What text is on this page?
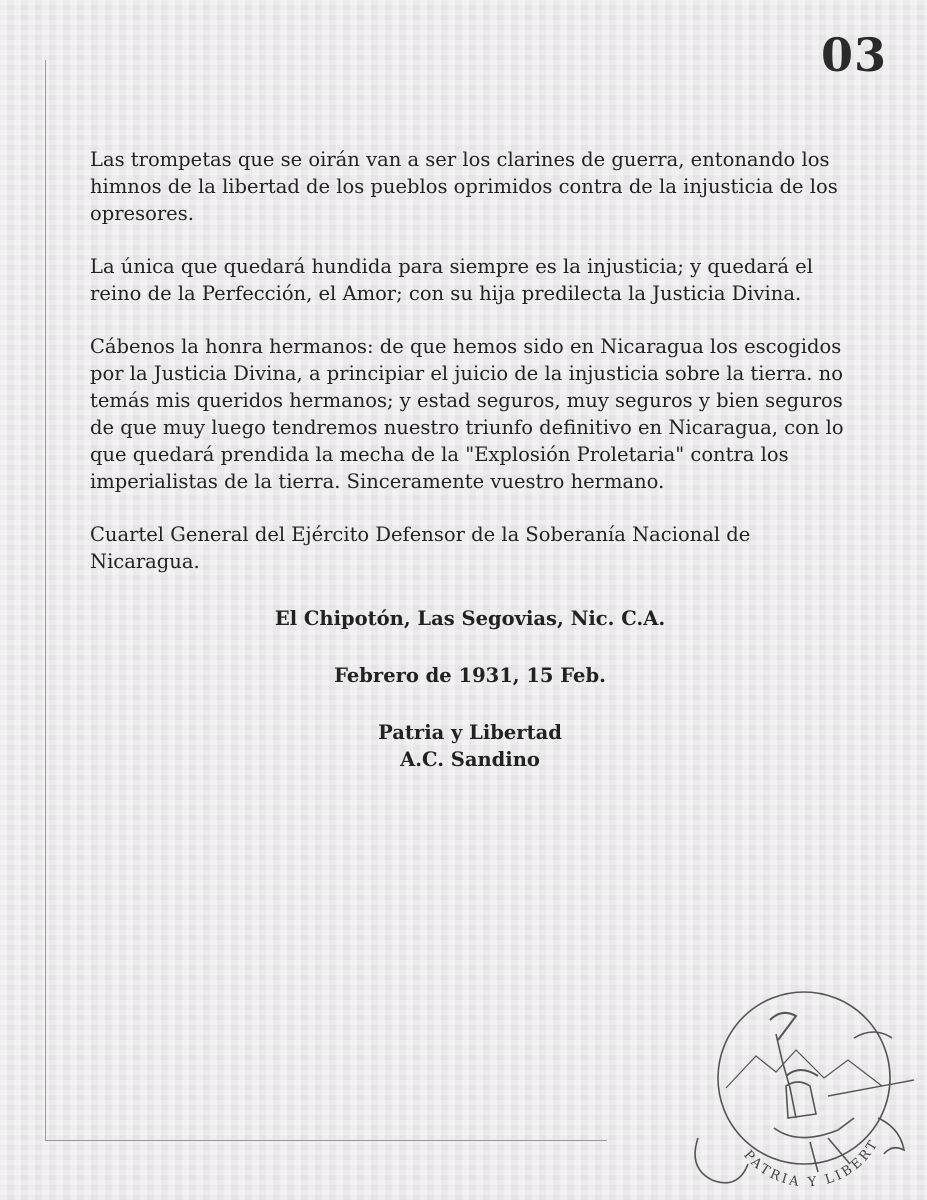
03

Las trompetas que se oirán van a ser los clarines de guerra, entonando los himnos de la libertad de los pueblos oprimidos contra de la injusticia de los opresores.

La única que quedará hundida para siempre es la injusticia; y quedará el reino de la Perfección, el Amor; con su hija predilecta la Justicia Divina.

Cábenos la honra hermanos: de que hemos sido en Nicaragua los escogidos por la Justicia Divina, a principiar el juicio de la injusticia sobre la tierra. no temás mis queridos hermanos; y estad seguros, muy seguros y bien seguros de que muy luego tendremos nuestro triunfo definitivo en Nicaragua, con lo que quedará prendida la mecha de la "Explosión Proletaria" contra los imperialistas de la tierra. Sinceramente vuestro hermano.

Cuartel General del Ejército Defensor de la Soberanía Nacional de Nicaragua.

El Chipotón, Las Segovias, Nic. C.A.

Febrero de 1931, 15 Feb.

Patria y Libertad
A.C. Sandino
PATRIA Y LIBERT
